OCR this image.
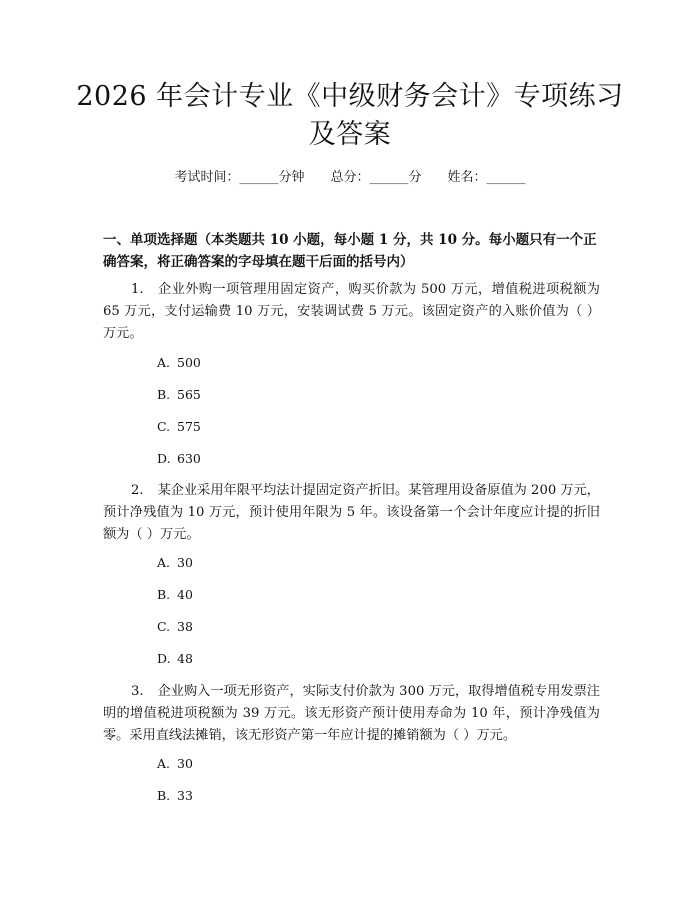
2026 年会计专业《中级财务会计》专项练习
及答案
考试时间：______分钟 总分：______分 姓名：______
一、单项选择题（本类题共 10 小题，每小题 1 分，共 10 分。每小题只有一个正确答案，将正确答案的字母填在题干后面的括号内）
1. 企业外购一项管理用固定资产，购买价款为 500 万元，增值税进项税额为 65 万元，支付运输费 10 万元，安装调试费 5 万元。该固定资产的入账价值为（ ）万元。
A. 500
B. 565
C. 575
D. 630
2. 某企业采用年限平均法计提固定资产折旧。某管理用设备原值为 200 万元，预计净残值为 10 万元，预计使用年限为 5 年。该设备第一个会计年度应计提的折旧额为（ ）万元。
A. 30
B. 40
C. 38
D. 48
3. 企业购入一项无形资产，实际支付价款为 300 万元，取得增值税专用发票注明的增值税进项税额为 39 万元。该无形资产预计使用寿命为 10 年，预计净残值为零。采用直线法摊销，该无形资产第一年应计提的摊销额为（ ）万元。
A. 30
B. 33
